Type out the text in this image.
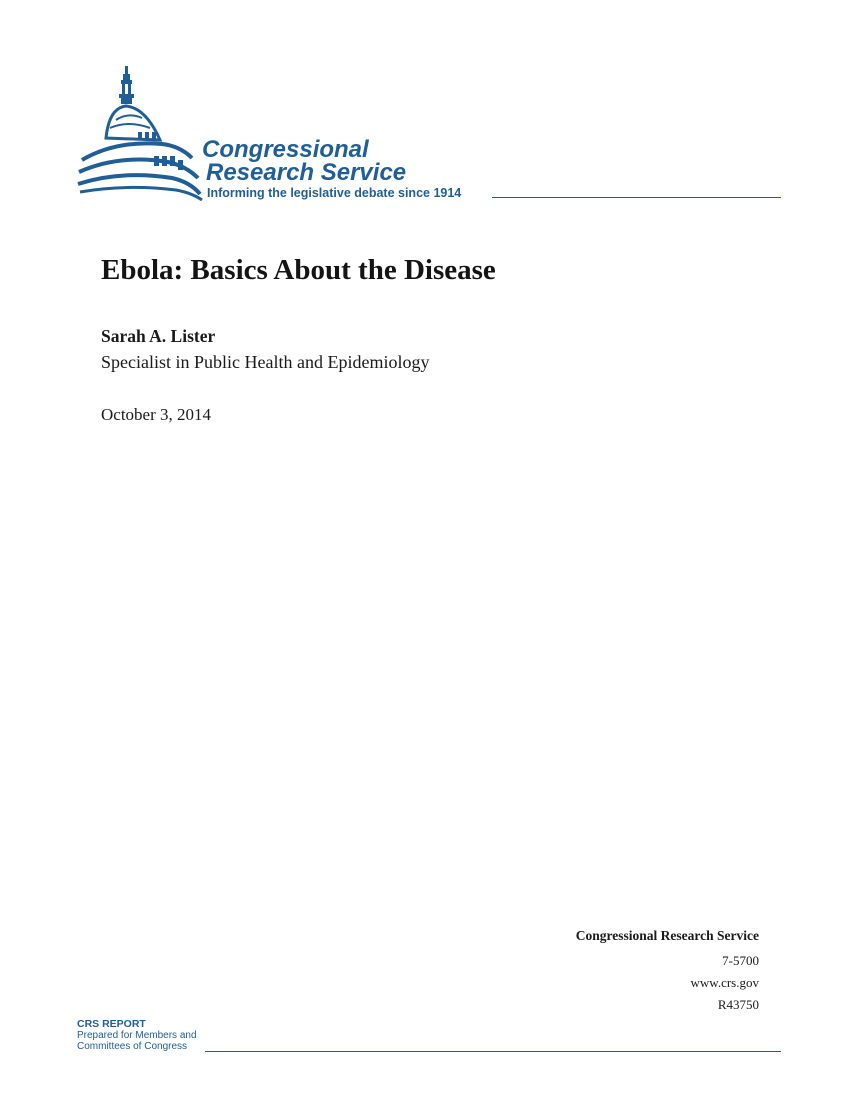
Congressional
Research Service
Informing the legislative debate since 1914
Ebola: Basics About the Disease
Sarah A. Lister
Specialist in Public Health and Epidemiology
October 3, 2014
Congressional Research Service
7-5700
www.crs.gov
R43750
CRS REPORT
Prepared for Members and
Committees of Congress
